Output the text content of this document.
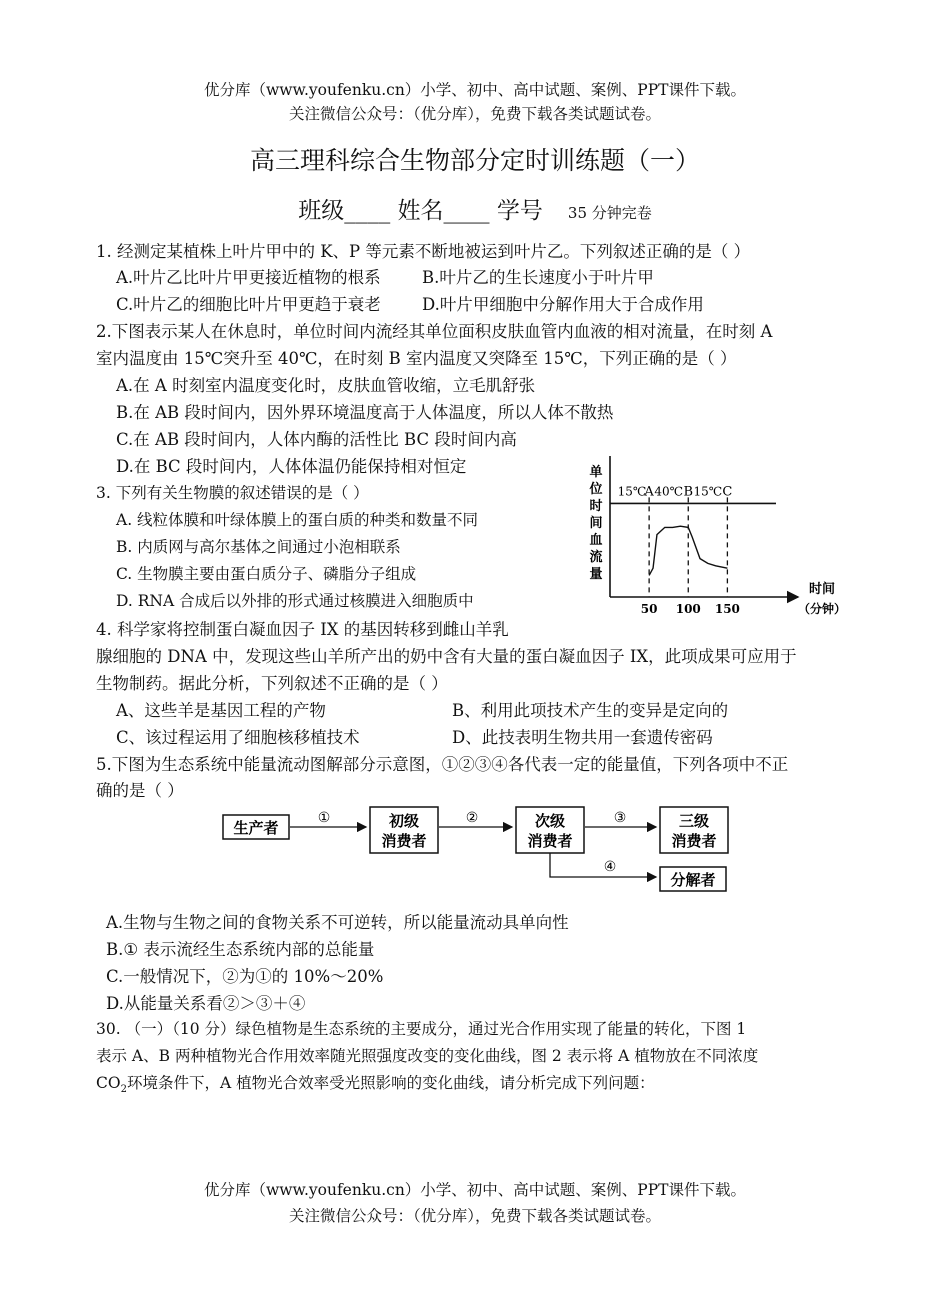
优分库（www.youfenku.cn）小学、初中、高中试题、案例、PPT课件下载。
关注微信公众号：（优分库），免费下载各类试题试卷。
高三理科综合生物部分定时训练题（一）
班级____ 姓名____ 学号 35 分钟完卷
1. 经测定某植株上叶片甲中的 K、P 等元素不断地被运到叶片乙。下列叙述正确的是（ ）
A.叶片乙比叶片甲更接近植物的根系	B.叶片乙的生长速度小于叶片甲
C.叶片乙的细胞比叶片甲更趋于衰老 D.叶片甲细胞中分解作用大于合成作用
2.下图表示某人在休息时，单位时间内流经其单位面积皮肤血管内血液的相对流量，在时刻 A
室内温度由 15℃突升至 40℃，在时刻 B 室内温度又突降至 15℃，下列正确的是（ ）
A.在 A 时刻室内温度变化时，皮肤血管收缩，立毛肌舒张
B.在 AB 段时间内，因外界环境温度高于人体温度，所以人体不散热
C.在 AB 段时间内，人体内酶的活性比 BC 段时间内高
D.在 BC 段时间内，人体体温仍能保持相对恒定
3. 下列有关生物膜的叙述错误的是（ ）
A. 线粒体膜和叶绿体膜上的蛋白质的种类和数量不同
B. 内质网与高尔基体之间通过小泡相联系
C. 生物膜主要由蛋白质分子、磷脂分子组成
D. RNA 合成后以外排的形式通过核膜进入细胞质中
单
位
时
间
血
流
量
A B C
15℃ 40℃ 15℃
50 100 150
时间
（分钟）
4. 科学家将控制蛋白凝血因子 IX 的基因转移到雌山羊乳
腺细胞的 DNA 中，发现这些山羊所产出的奶中含有大量的蛋白凝血因子 IX，此项成果可应用于
生物制药。据此分析，下列叙述不正确的是（ ）
A、这些羊是基因工程的产物	B、利用此项技术产生的变异是定向的
C、该过程运用了细胞核移植技术	D、此技表明生物共用一套遗传密码
5.下图为生态系统中能量流动图解部分示意图，①②③④各代表一定的能量值，下列各项中不正
确的是（ ）
生产者	初级
消费者
次级
消费者
三级
消费者
分解者
①	②	③
④
A.生物与生物之间的食物关系不可逆转，所以能量流动具单向性
B.① 表示流经生态系统内部的总能量
C.一般情况下，②为①的 10%～20%
D.从能量关系看②＞③＋④
30. （一）（10 分）绿色植物是生态系统的主要成分，通过光合作用实现了能量的转化，下图 1
表示 A、B 两种植物光合作用效率随光照强度改变的变化曲线，图 2 表示将 A 植物放在不同浓度
$CO_2$环境条件下，A 植物光合效率受光照影响的变化曲线，请分析完成下列问题：
优分库（www.youfenku.cn）小学、初中、高中试题、案例、PPT课件下载。
关注微信公众号：（优分库），免费下载各类试题试卷。
